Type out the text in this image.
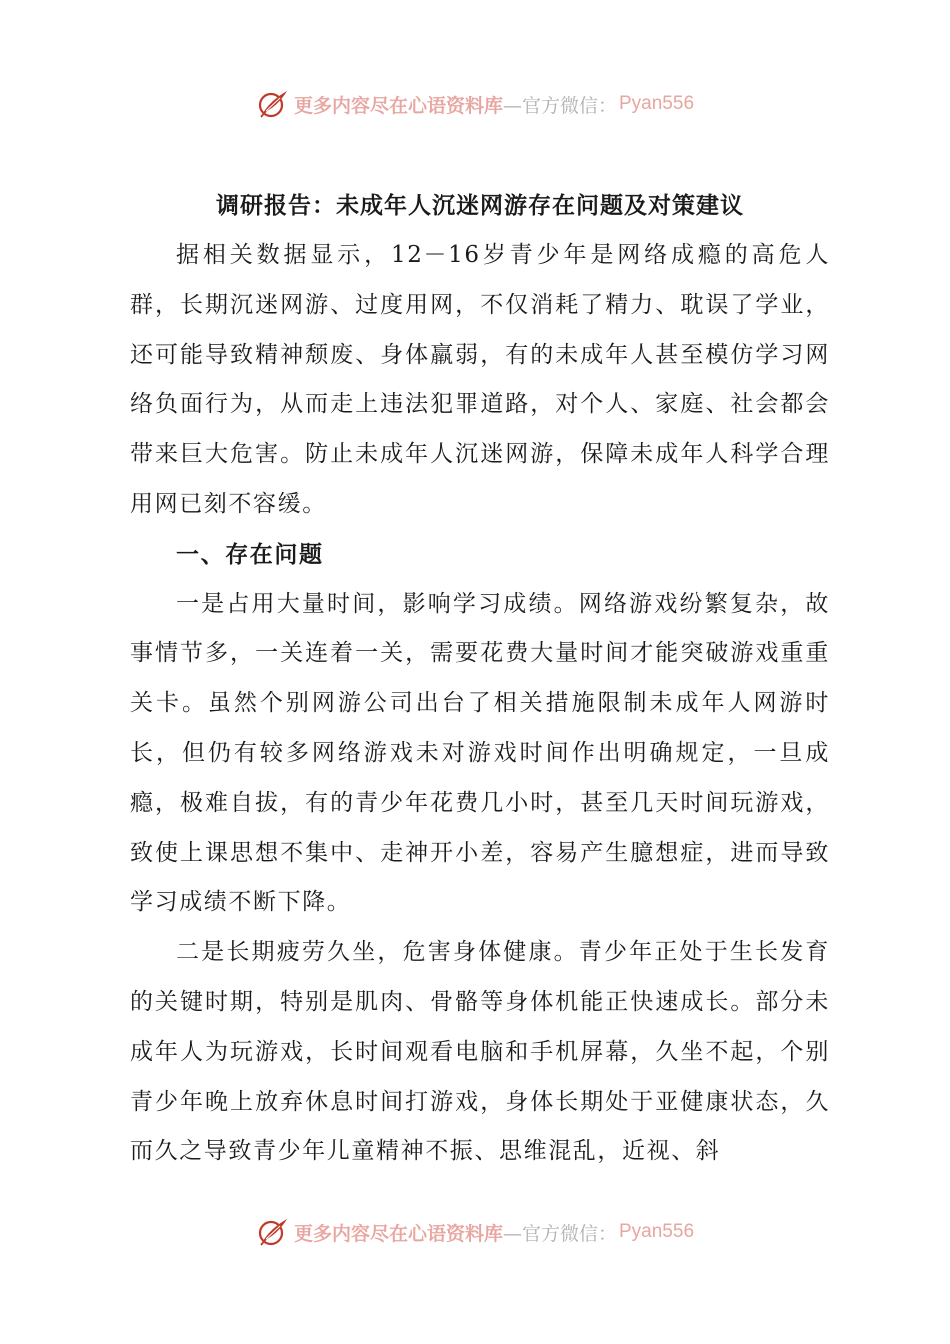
更多内容尽在心语资料库 —官方微信： Pyan556
调研报告：未成年人沉迷网游存在问题及对策建议

据相关数据显示，12－16岁青少年是网络成瘾的高危人群，长期沉迷网游、过度用网，不仅消耗了精力、耽误了学业，还可能导致精神颓废、身体羸弱，有的未成年人甚至模仿学习网络负面行为，从而走上违法犯罪道路，对个人、家庭、社会都会带来巨大危害。防止未成年人沉迷网游，保障未成年人科学合理用网已刻不容缓。

一、存在问题

一是占用大量时间，影响学习成绩。网络游戏纷繁复杂，故事情节多，一关连着一关，需要花费大量时间才能突破游戏重重关卡。虽然个别网游公司出台了相关措施限制未成年人网游时长，但仍有较多网络游戏未对游戏时间作出明确规定，一旦成瘾，极难自拔，有的青少年花费几小时，甚至几天时间玩游戏，致使上课思想不集中、走神开小差，容易产生臆想症，进而导致学习成绩不断下降。

二是长期疲劳久坐，危害身体健康。青少年正处于生长发育的关键时期，特别是肌肉、骨骼等身体机能正快速成长。部分未成年人为玩游戏，长时间观看电脑和手机屏幕，久坐不起，个别青少年晚上放弃休息时间打游戏，身体长期处于亚健康状态，久而久之导致青少年儿童精神不振、思维混乱，近视、斜

更多内容尽在心语资料库 —官方微信： Pyan556
